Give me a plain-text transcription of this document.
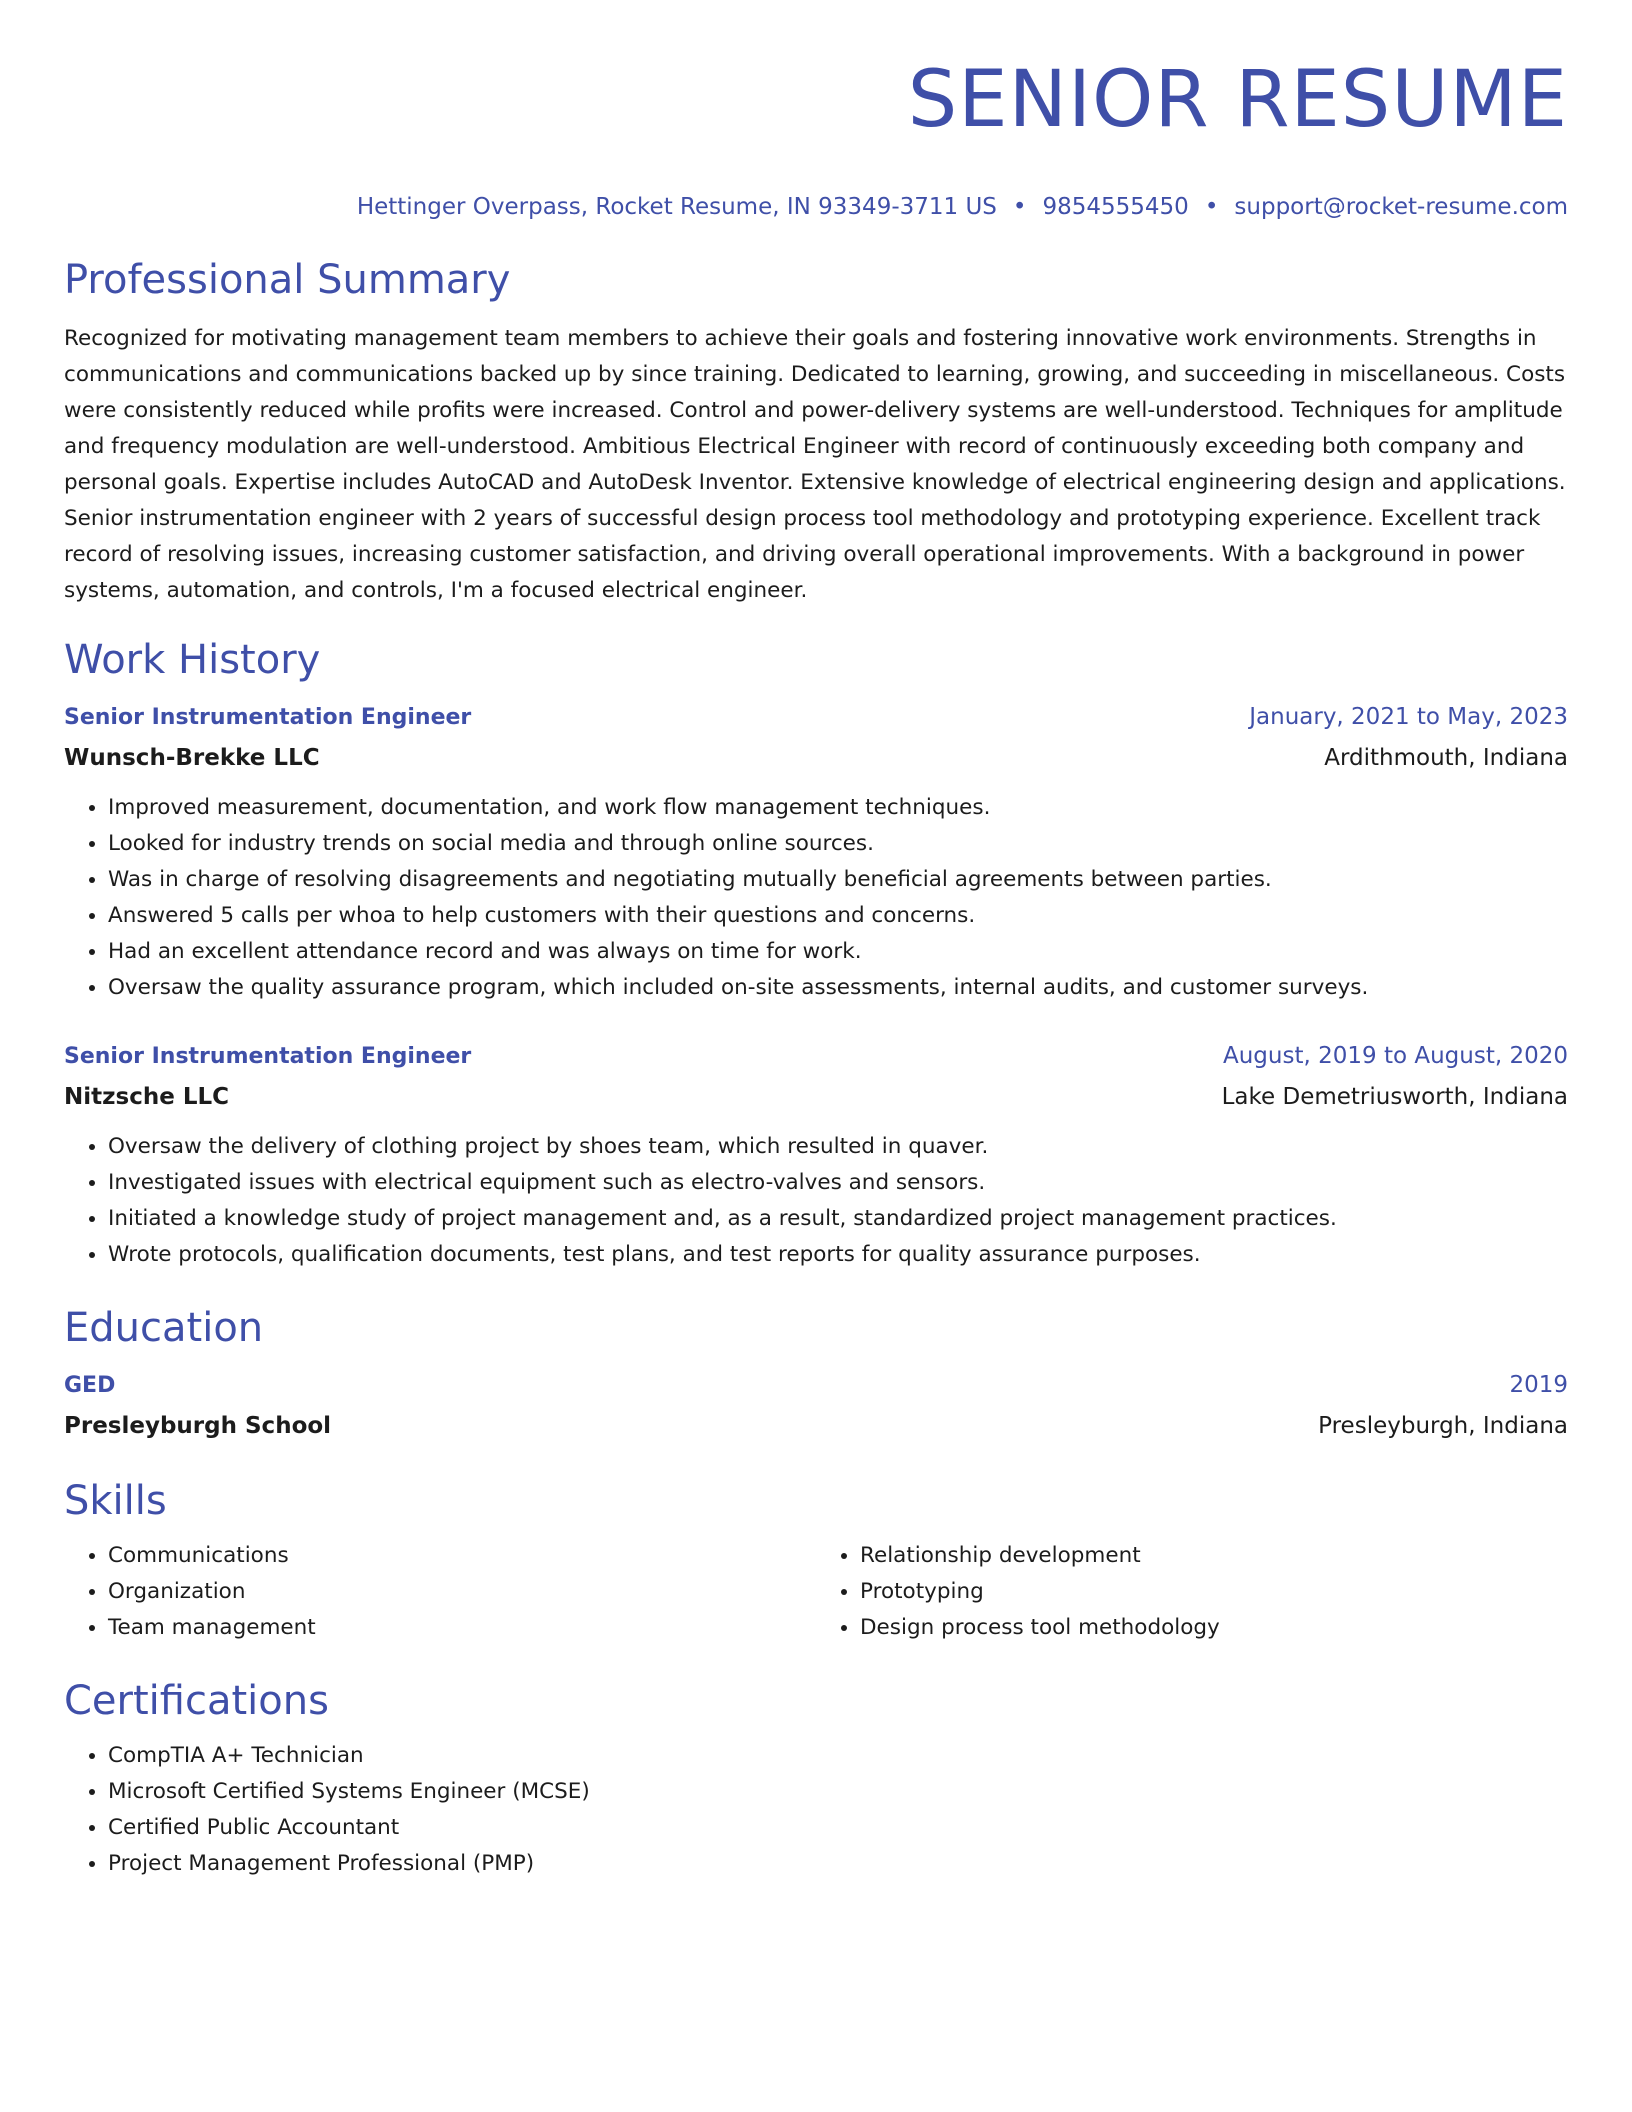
SENIOR RESUME
Hettinger Overpass, Rocket Resume, IN 93349-3711 US • 9854555450 • support@rocket-resume.com
Professional Summary
Recognized for motivating management team members to achieve their goals and fostering innovative work environments. Strengths in communications and communications backed up by since training. Dedicated to learning, growing, and succeeding in miscellaneous. Costs were consistently reduced while profits were increased. Control and power-delivery systems are well-understood. Techniques for amplitude and frequency modulation are well-understood. Ambitious Electrical Engineer with record of continuously exceeding both company and personal goals. Expertise includes AutoCAD and AutoDesk Inventor. Extensive knowledge of electrical engineering design and applications. Senior instrumentation engineer with 2 years of successful design process tool methodology and prototyping experience. Excellent track record of resolving issues, increasing customer satisfaction, and driving overall operational improvements. With a background in power systems, automation, and controls, I'm a focused electrical engineer.
Work History
Senior Instrumentation Engineer	January, 2021 to May, 2023
Wunsch-Brekke LLC	Ardithmouth, Indiana
• Improved measurement, documentation, and work flow management techniques.
• Looked for industry trends on social media and through online sources.
• Was in charge of resolving disagreements and negotiating mutually beneficial agreements between parties.
• Answered 5 calls per whoa to help customers with their questions and concerns.
• Had an excellent attendance record and was always on time for work.
• Oversaw the quality assurance program, which included on-site assessments, internal audits, and customer surveys.
Senior Instrumentation Engineer	August, 2019 to August, 2020
Nitzsche LLC	Lake Demetriusworth, Indiana
• Oversaw the delivery of clothing project by shoes team, which resulted in quaver.
• Investigated issues with electrical equipment such as electro-valves and sensors.
• Initiated a knowledge study of project management and, as a result, standardized project management practices.
• Wrote protocols, qualification documents, test plans, and test reports for quality assurance purposes.
Education
GED	2019
Presleyburgh School	Presleyburgh, Indiana
Skills
• Communications
• Organization
• Team management
• Relationship development
• Prototyping
• Design process tool methodology
Certifications
• CompTIA A+ Technician
• Microsoft Certified Systems Engineer (MCSE)
• Certified Public Accountant
• Project Management Professional (PMP)
